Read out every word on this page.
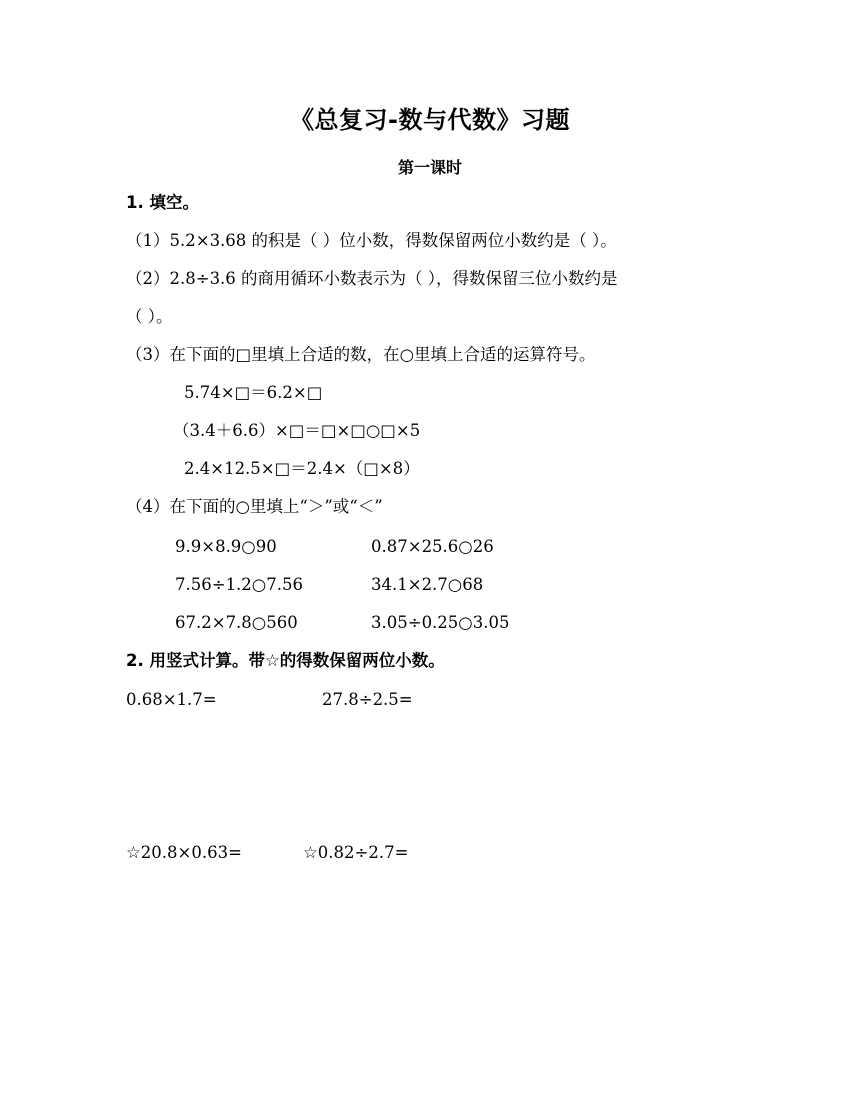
《总复习-数与代数》习题
第一课时
1. 填空。
（1）5.2×3.68 的积是（ ）位小数，得数保留两位小数约是（ ）。
（2）2.8÷3.6 的商用循环小数表示为（ ），得数保留三位小数约是
（ ）。
（3）在下面的□里填上合适的数，在○里填上合适的运算符号。
5.74×□＝6.2×□
（3.4＋6.6）×□＝□×□○□×5
2.4×12.5×□＝2.4×（□×8）
（4）在下面的○里填上“＞”或“＜”
9.9×8.9○90	0.87×25.6○26
7.56÷1.2○7.56	34.1×2.7○68
67.2×7.8○560	3.05÷0.25○3.05
2. 用竖式计算。带☆的得数保留两位小数。
0.68×1.7=	27.8÷2.5=
☆20.8×0.63=	☆0.82÷2.7=
